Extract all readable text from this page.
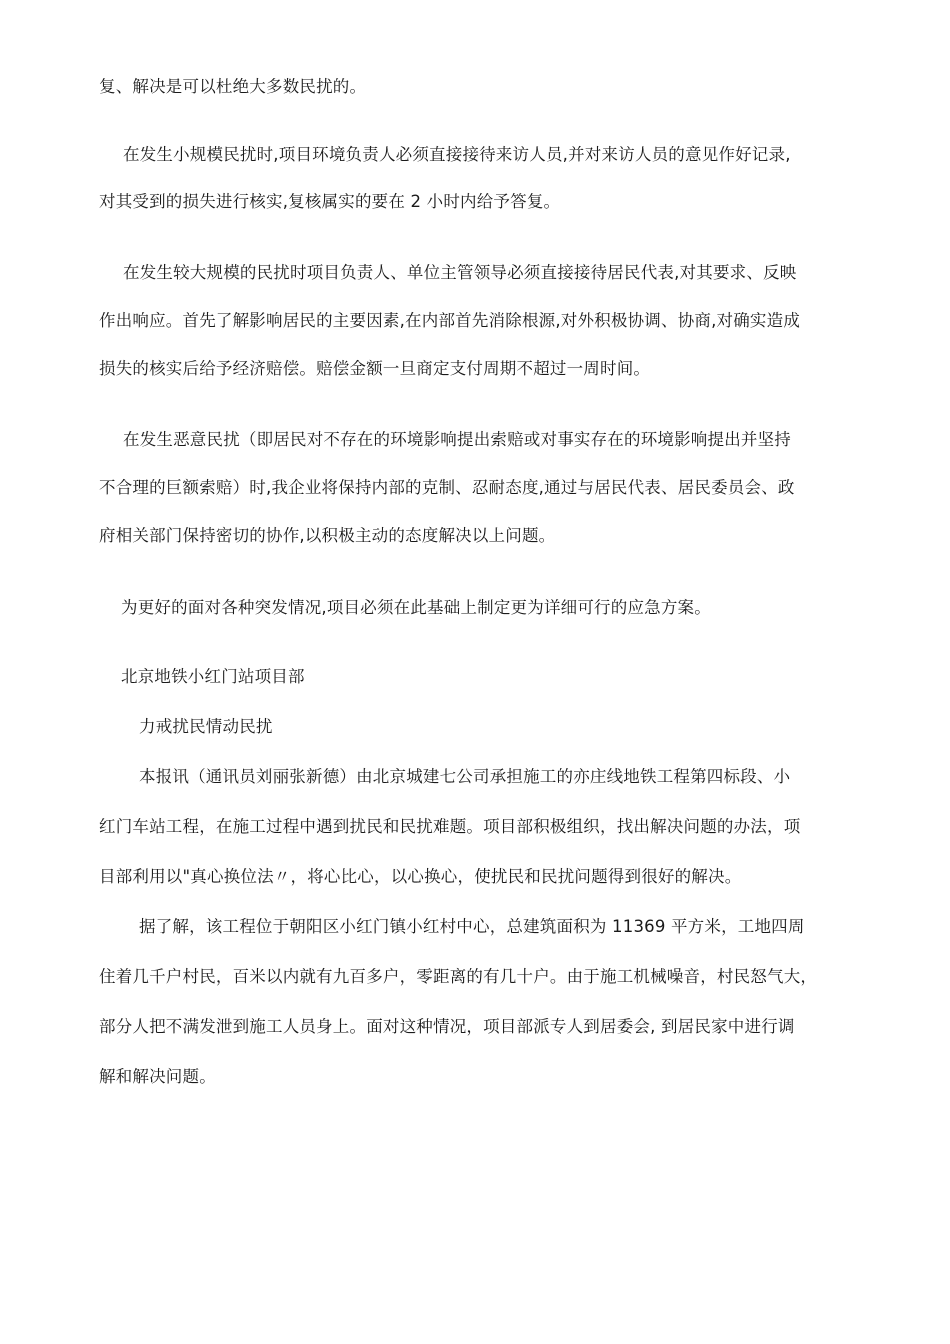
复、解决是可以杜绝大多数民扰的。
在发生小规模民扰时,项目环境负责人必须直接接待来访人员,并对来访人员的意见作好记录,
对其受到的损失进行核实,复核属实的要在 2 小时内给予答复。
在发生较大规模的民扰时项目负责人、单位主管领导必须直接接待居民代表,对其要求、反映
作出响应。首先了解影响居民的主要因素,在内部首先消除根源,对外积极协调、协商,对确实造成
损失的核实后给予经济赔偿。赔偿金额一旦商定支付周期不超过一周时间。
在发生恶意民扰（即居民对不存在的环境影响提出索赔或对事实存在的环境影响提出并坚持
不合理的巨额索赔）时,我企业将保持内部的克制、忍耐态度,通过与居民代表、居民委员会、政
府相关部门保持密切的协作,以积极主动的态度解决以上问题。
为更好的面对各种突发情况,项目必须在此基础上制定更为详细可行的应急方案。
北京地铁小红门站项目部
力戒扰民情动民扰
本报讯（通讯员刘丽张新德）由北京城建七公司承担施工的亦庄线地铁工程第四标段、小
红门车站工程，在施工过程中遇到扰民和民扰难题。项目部积极组织，找出解决问题的办法，项
目部利用以"真心换位法〃，将心比心，以心换心，使扰民和民扰问题得到很好的解决。
据了解，该工程位于朝阳区小红门镇小红村中心，总建筑面积为 11369 平方米，工地四周
住着几千户村民，百米以内就有九百多户，零距离的有几十户。由于施工机械噪音，村民怒气大，
部分人把不满发泄到施工人员身上。面对这种情况，项目部派专人到居委会, 到居民家中进行调
解和解决问题。
